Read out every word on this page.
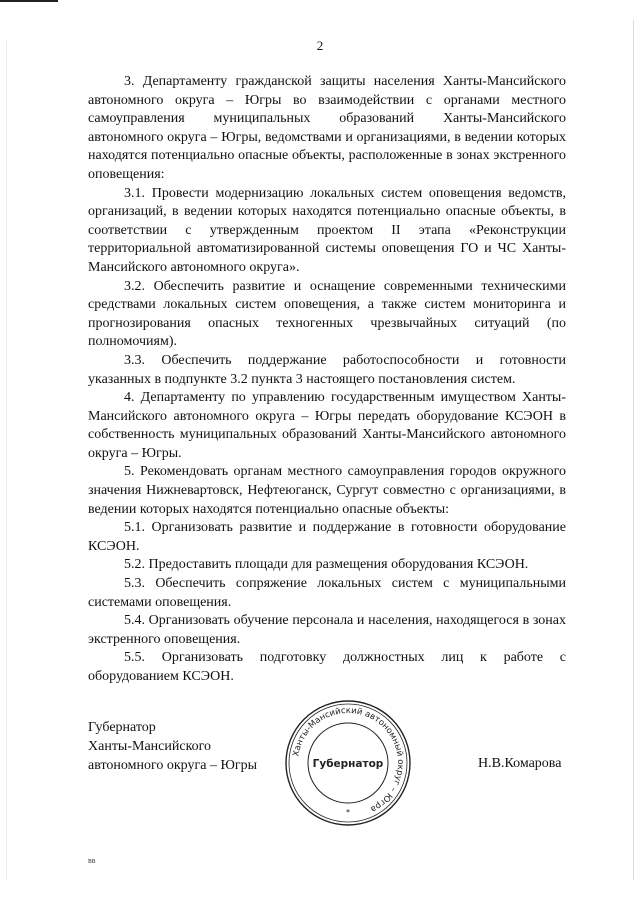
2

3. Департаменту гражданской защиты населения Ханты-Мансийского автономного округа – Югры во взаимодействии с органами местного самоуправления муниципальных образований Ханты-Мансийского автономного округа – Югры, ведомствами и организациями, в ведении которых находятся потенциально опасные объекты, расположенные в зонах экстренного оповещения:

3.1. Провести модернизацию локальных систем оповещения ведомств, организаций, в ведении которых находятся потенциально опасные объекты, в соответствии с утвержденным проектом II этапа «Реконструкции территориальной автоматизированной системы оповещения ГО и ЧС Ханты-Мансийского автономного округа».

3.2. Обеспечить развитие и оснащение современными техническими средствами локальных систем оповещения, а также систем мониторинга и прогнозирования опасных техногенных чрезвычайных ситуаций (по полномочиям).

3.3. Обеспечить поддержание работоспособности и готовности указанных в подпункте 3.2 пункта 3 настоящего постановления систем.

4. Департаменту по управлению государственным имуществом Ханты-Мансийского автономного округа – Югры передать оборудование КСЭОН в собственность муниципальных образований Ханты-Мансийского автономного округа – Югры.

5. Рекомендовать органам местного самоуправления городов окружного значения Нижневартовск, Нефтеюганск, Сургут совместно с организациями, в ведении которых находятся потенциально опасные объекты:

5.1. Организовать развитие и поддержание в готовности оборудование КСЭОН.

5.2. Предоставить площади для размещения оборудования КСЭОН.

5.3. Обеспечить сопряжение локальных систем с муниципальными системами оповещения.

5.4. Организовать обучение персонала и населения, находящегося в зонах экстренного оповещения.

5.5. Организовать подготовку должностных лиц к работе с оборудованием КСЭОН.

Губернатор
Ханты-Мансийского
автономного округа – Югры
Ханты-Мансийский автономный округ – Югра
Губернатор
*
Н.В.Комарова
вв
